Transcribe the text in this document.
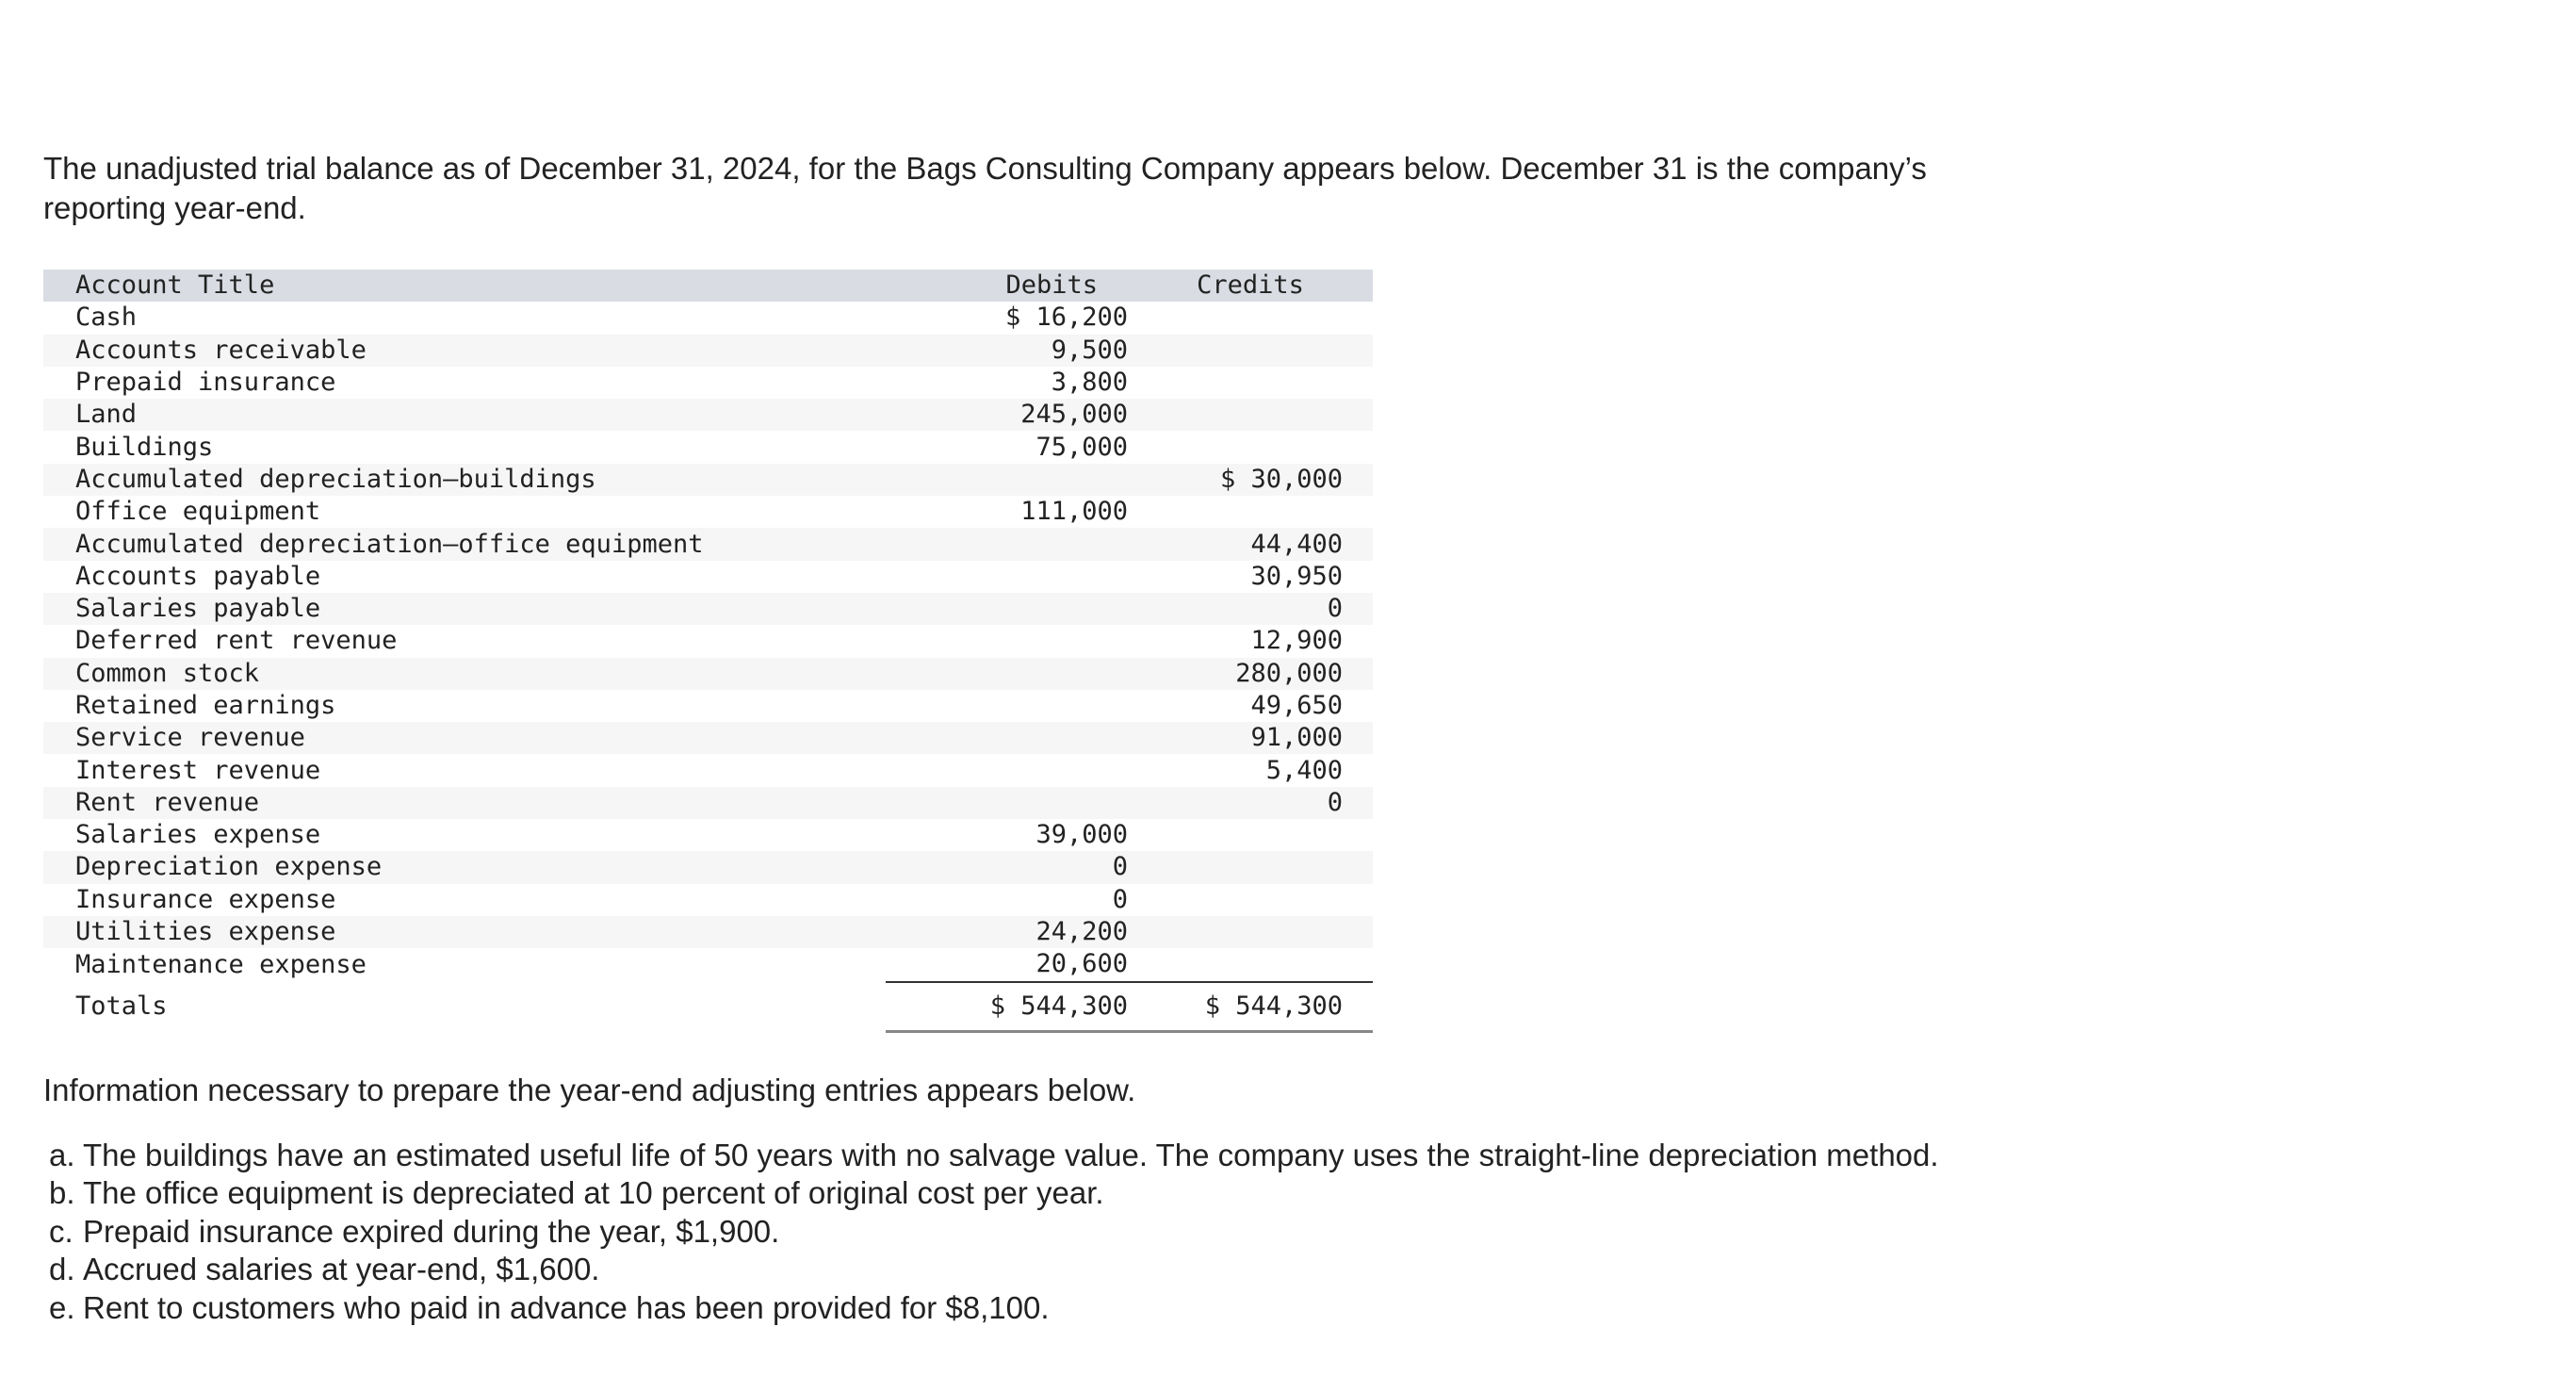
The unadjusted trial balance as of December 31, 2024, for the Bags Consulting Company appears below. December 31 is the company’s reporting year-end.

Account Title	Debits	Credits
Cash	$ 16,200	
Accounts receivable	9,500	
Prepaid insurance	3,800	
Land	245,000	
Buildings	75,000	
Accumulated depreciation—buildings		$ 30,000
Office equipment	111,000	
Accumulated depreciation—office equipment		44,400
Accounts payable		30,950
Salaries payable		0
Deferred rent revenue		12,900
Common stock		280,000
Retained earnings		49,650
Service revenue		91,000
Interest revenue		5,400
Rent revenue		0
Salaries expense	39,000	
Depreciation expense	0	
Insurance expense	0	
Utilities expense	24,200	
Maintenance expense	20,600	
Totals	$ 544,300	$ 544,300

Information necessary to prepare the year-end adjusting entries appears below.

a. The buildings have an estimated useful life of 50 years with no salvage value. The company uses the straight-line depreciation method.
b. The office equipment is depreciated at 10 percent of original cost per year.
c. Prepaid insurance expired during the year, $1,900.
d. Accrued salaries at year-end, $1,600.
e. Rent to customers who paid in advance has been provided for $8,100.
